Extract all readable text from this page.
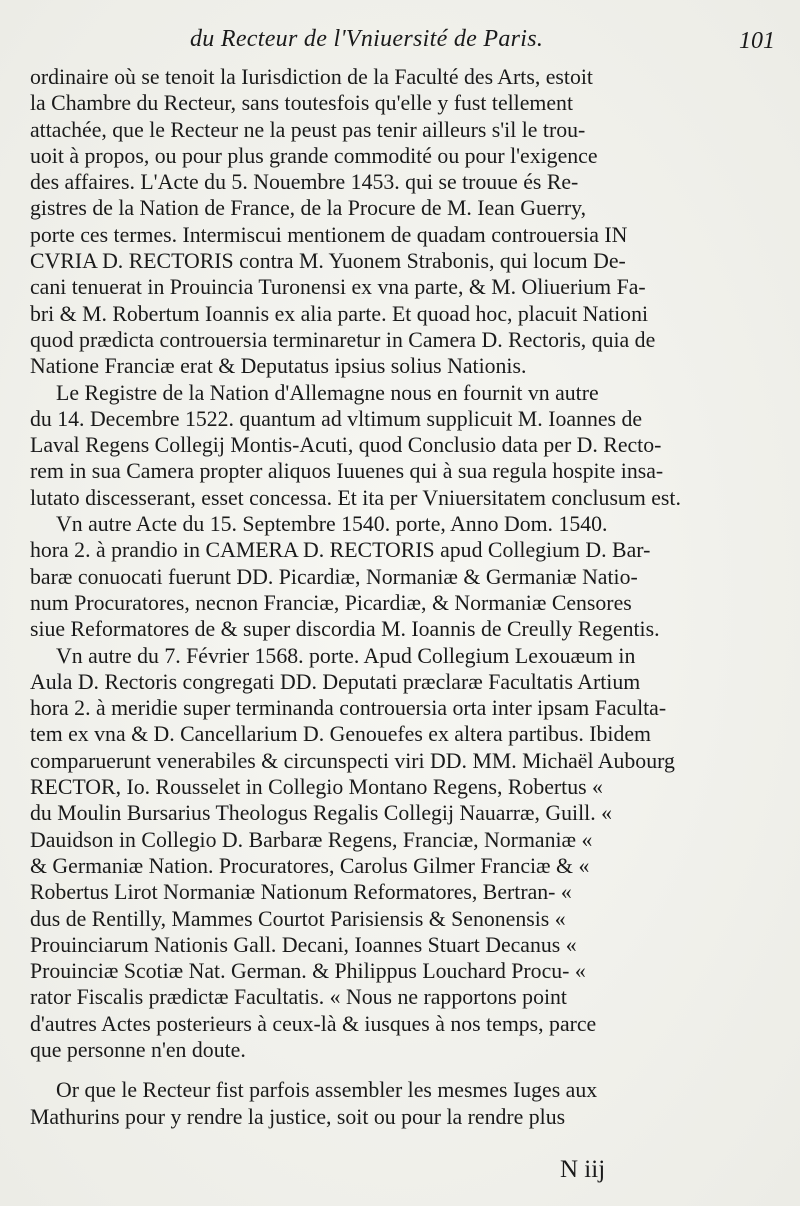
du Recteur de l'Vniuersité de Paris.	101
ordinaire où se tenoit la Iurisdiction de la Faculté des Arts, estoit
la Chambre du Recteur, sans toutesfois qu'elle y fust tellement
attachée, que le Recteur ne la peust pas tenir ailleurs s'il le trou-
uoit à propos, ou pour plus grande commodité ou pour l'exigence
des affaires. L'Acte du 5. Nouembre 1453. qui se trouue és Re-
gistres de la Nation de France, de la Procure de M. Iean Guerry,
porte ces termes. Intermiscui mentionem de quadam controuersia IN
CVRIA D. RECTORIS contra M. Yuonem Strabonis, qui locum De-
cani tenuerat in Prouincia Turonensi ex vna parte, & M. Oliuerium Fa-
bri & M. Robertum Ioannis ex alia parte. Et quoad hoc, placuit Nationi
quod prædicta controuersia terminaretur in Camera D. Rectoris, quia de
Natione Franciæ erat & Deputatus ipsius solius Nationis.
Le Registre de la Nation d'Allemagne nous en fournit vn autre
du 14. Decembre 1522. quantum ad vltimum supplicuit M. Ioannes de
Laval Regens Collegij Montis-Acuti, quod Conclusio data per D. Recto-
rem in sua Camera propter aliquos Iuuenes qui à sua regula hospite insa-
lutato discesserant, esset concessa. Et ita per Vniuersitatem conclusum est.
Vn autre Acte du 15. Septembre 1540. porte, Anno Dom. 1540.
hora 2. à prandio in CAMERA D. RECTORIS apud Collegium D. Bar-
baræ conuocati fuerunt DD. Picardiæ, Normaniæ & Germaniæ Natio-
num Procuratores, necnon Franciæ, Picardiæ, & Normaniæ Censores
siue Reformatores de & super discordia M. Ioannis de Creully Regentis.
Vn autre du 7. Février 1568. porte. Apud Collegium Lexouæum in
Aula D. Rectoris congregati DD. Deputati præclaræ Facultatis Artium
hora 2. à meridie super terminanda controuersia orta inter ipsam Faculta-
tem ex vna & D. Cancellarium D. Genouefes ex altera partibus. Ibidem
comparuerunt venerabiles & circunspecti viri DD. MM. Michaël Aubourg
RECTOR, Io. Rousselet in Collegio Montano Regens, Robertus «
du Moulin Bursarius Theologus Regalis Collegij Nauarræ, Guill. «
Dauidson in Collegio D. Barbaræ Regens, Franciæ, Normaniæ «
& Germaniæ Nation. Procuratores, Carolus Gilmer Franciæ & «
Robertus Lirot Normaniæ Nationum Reformatores, Bertran- «
dus de Rentilly, Mammes Courtot Parisiensis & Senonensis «
Prouinciarum Nationis Gall. Decani, Ioannes Stuart Decanus «
Prouinciæ Scotiæ Nat. German. & Philippus Louchard Procu- «
rator Fiscalis prædictæ Facultatis. « Nous ne rapportons point
d'autres Actes posterieurs à ceux-là & iusques à nos temps, parce
que personne n'en doute.
Or que le Recteur fist parfois assembler les mesmes Iuges aux
Mathurins pour y rendre la justice, soit ou pour la rendre plus
N iij
